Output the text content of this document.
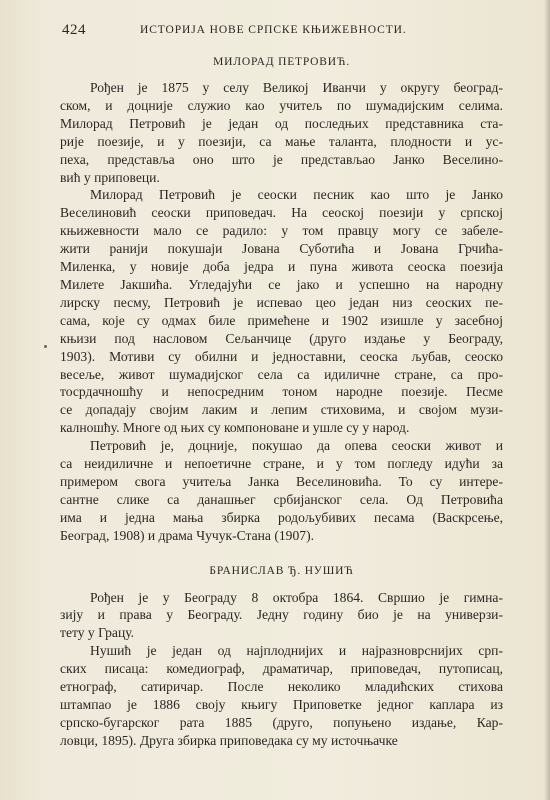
424	ИСТОРИЈА НОВЕ СРПСКЕ КЊИЖЕВНОСТИ.
МИЛОРАД ПЕТРОВИЋ.

Рођен је 1875 у селу Великој Иванчи у округу београд-
ском, и доцније служио као учитељ по шумадијским селима.
Милорад Петровић је један од последњих представника ста-
рије поезије, и у поезији, са мање таланта, плодности и ус-
пеха, представља оно што је представљао Јанко Веселино-
вић у приповеци.

Милорад Петровић је сеоски песник као што је Јанко
Веселиновић сеоски приповедач. На сеоској поезији у српској
књижевности мало се радило: у том правцу могу се забеле-
жити ранији покушаји Јована Суботића и Јована Грчића-
Миленка, у новије доба једра и пуна живота сеоска поезија
Милете Јакшића. Угледајући се јако и успешно на народну
лирску песму, Петровић је испевао цео један низ сеоских пе-
сама, које су одмах биле примећене и 1902 изишле у засебној
књизи под насловом Сељанчице (друго издање у Београду,
1903). Мотиви су обилни и једноставни, сеоска љубав, сеоско
весеље, живот шумадијског села са идиличне стране, са про-
тосрдачношћу и непосредним тоном народне поезије. Песме
се допадају својим лаким и лепим стиховима, и својом музи-
калношћу. Многе од њих су компоноване и ушле су у народ.

Петровић је, доцније, покушао да опева сеоски живот и
са неидиличне и непоетичне стране, и у том погледу идући за
примером свога учитеља Јанка Веселиновића. То су интере-
сантне слике са данашњег србијанског села. Од Петровића
има и једна мања збирка родољубивих песама (Васкрсење,
Београд, 1908) и драма Чучук-Стана (1907).

БРАНИСЛАВ Ђ. НУШИЋ

Рођен је у Београду 8 октобра 1864. Свршио је гимна-
зију и права у Београду. Једну годину био је на универзи-
тету у Грацу.

Нушић је један од најплоднијих и најразноврснијих срп-
ских писаца: комедиограф, драматичар, приповедач, путописац,
етнограф, сатиричар. После неколико младићских стихова
штампао је 1886 своју књигу Приповетке једног каплара из
српско-бугарског рата 1885 (друго, попуњено издање, Кар-
ловци, 1895). Друга збирка приповедака су му источњачке
